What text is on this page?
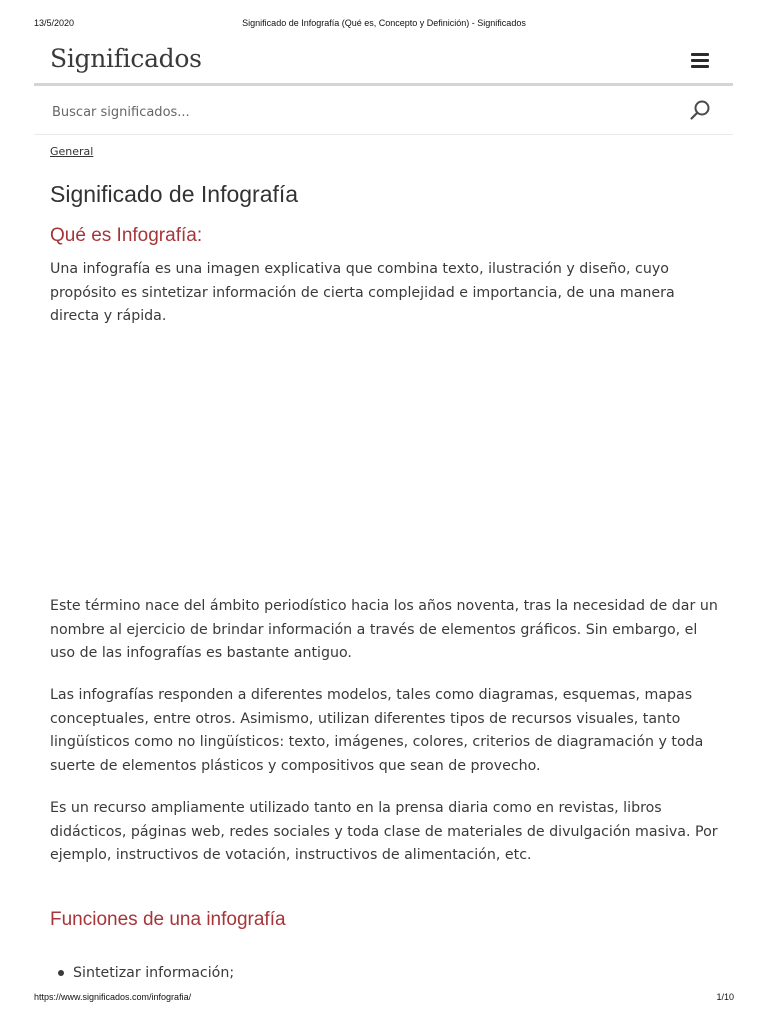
13/5/2020	Significado de Infografía (Qué es, Concepto y Definición) - Significados
Significados
Buscar significados...
General
Significado de Infografía
Qué es Infografía:

Una infografía es una imagen explicativa que combina texto, ilustración y diseño, cuyo propósito es sintetizar información de cierta complejidad e importancia, de una manera directa y rápida.

Este término nace del ámbito periodístico hacia los años noventa, tras la necesidad de dar un nombre al ejercicio de brindar información a través de elementos gráficos. Sin embargo, el uso de las infografías es bastante antiguo.

Las infografías responden a diferentes modelos, tales como diagramas, esquemas, mapas conceptuales, entre otros. Asimismo, utilizan diferentes tipos de recursos visuales, tanto lingüísticos como no lingüísticos: texto, imágenes, colores, criterios de diagramación y toda suerte de elementos plásticos y compositivos que sean de provecho.

Es un recurso ampliamente utilizado tanto en la prensa diaria como en revistas, libros didácticos, páginas web, redes sociales y toda clase de materiales de divulgación masiva. Por ejemplo, instructivos de votación, instructivos de alimentación, etc.

Funciones de una infografía
Sintetizar información;
https://www.significados.com/infografia/	1/10
